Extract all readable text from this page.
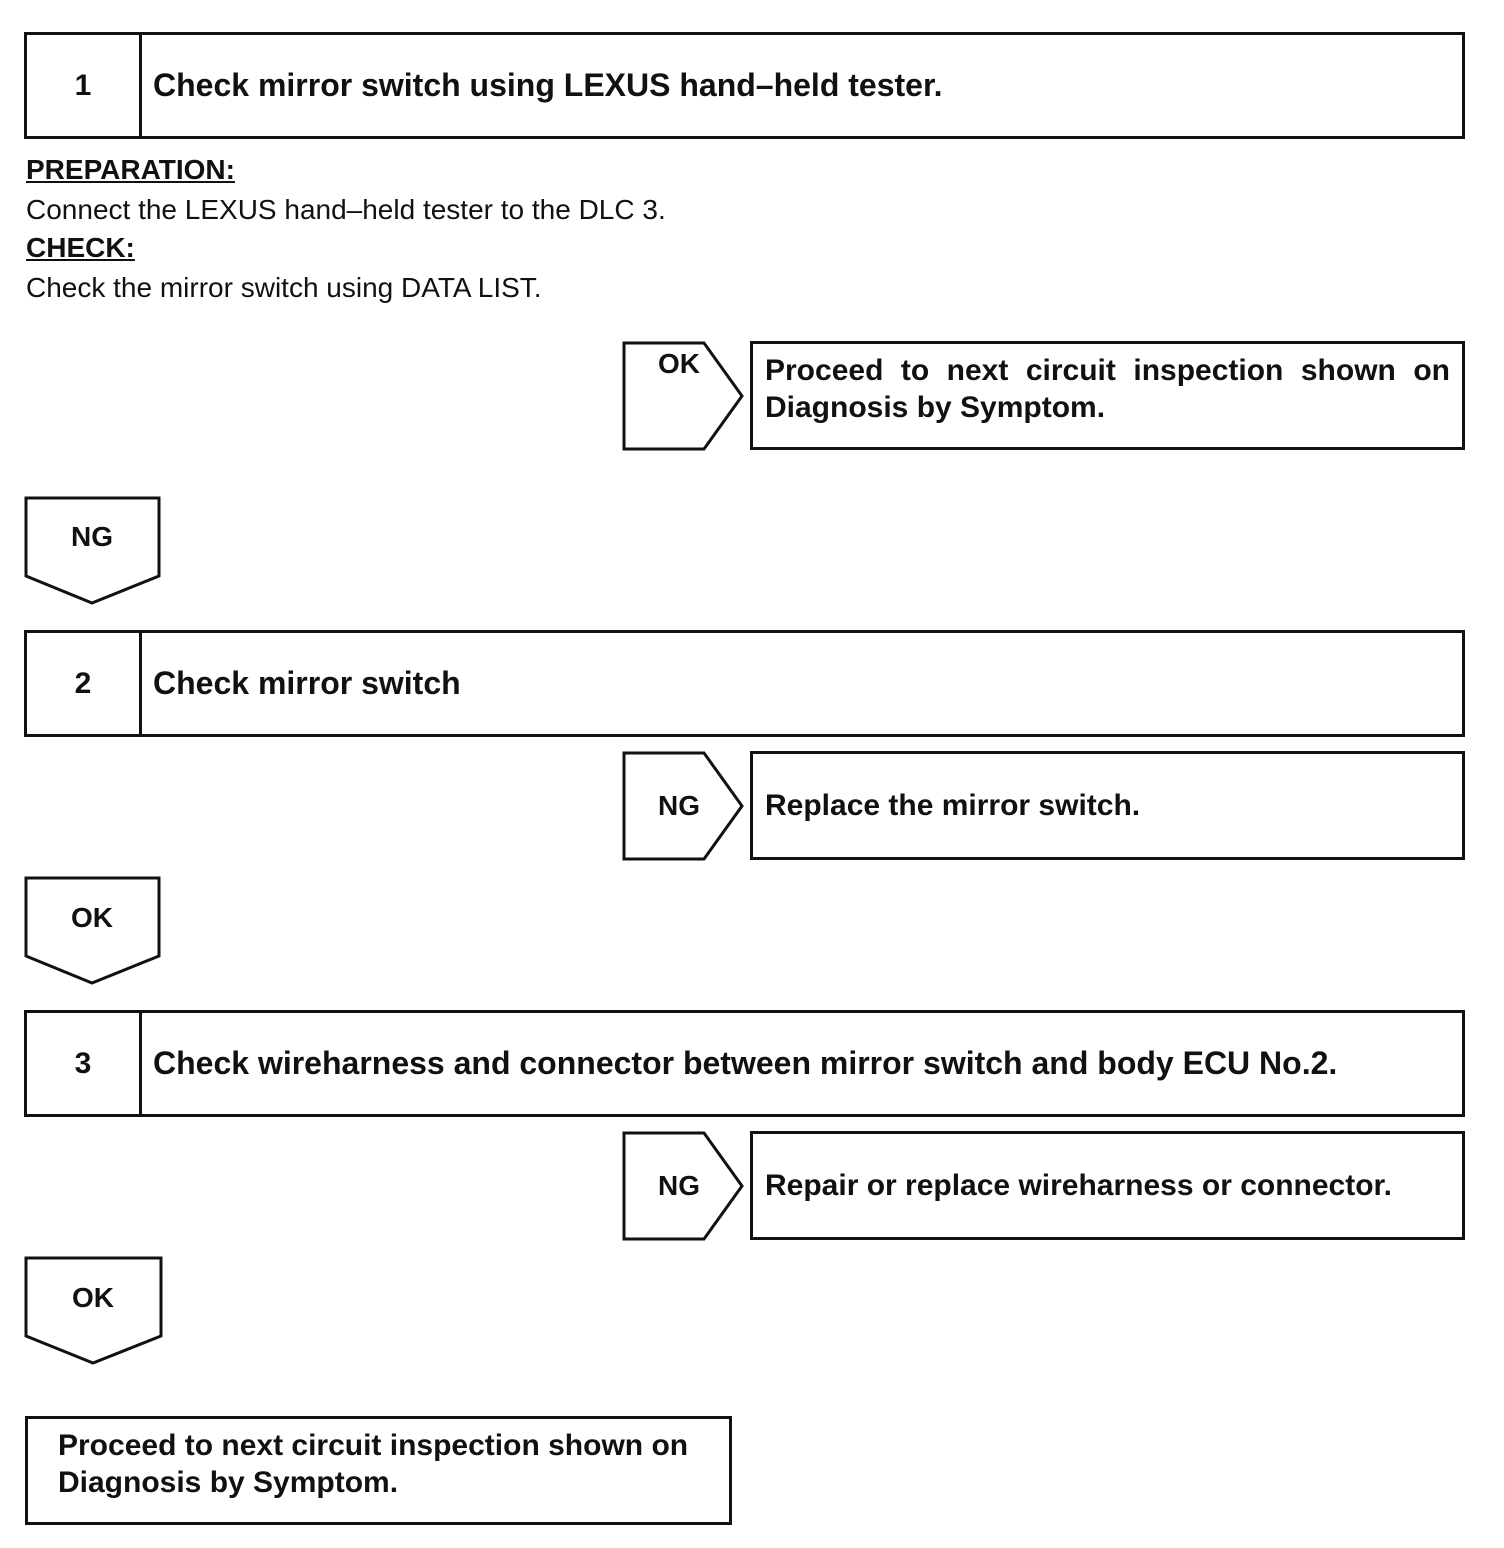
1	Check mirror switch using LEXUS hand–held tester.
PREPARATION:
Connect the LEXUS hand–held tester to the DLC 3.
CHECK:
Check the mirror switch using DATA LIST.
OK	Proceed to next circuit inspection shown on Diagnosis by Symptom.
NG
2	Check mirror switch
NG	Replace the mirror switch.
OK
3	Check wireharness and connector between mirror switch and body ECU No.2.
NG	Repair or replace wireharness or connector.
OK
Proceed to next circuit inspection shown on Diagnosis by Symptom.
